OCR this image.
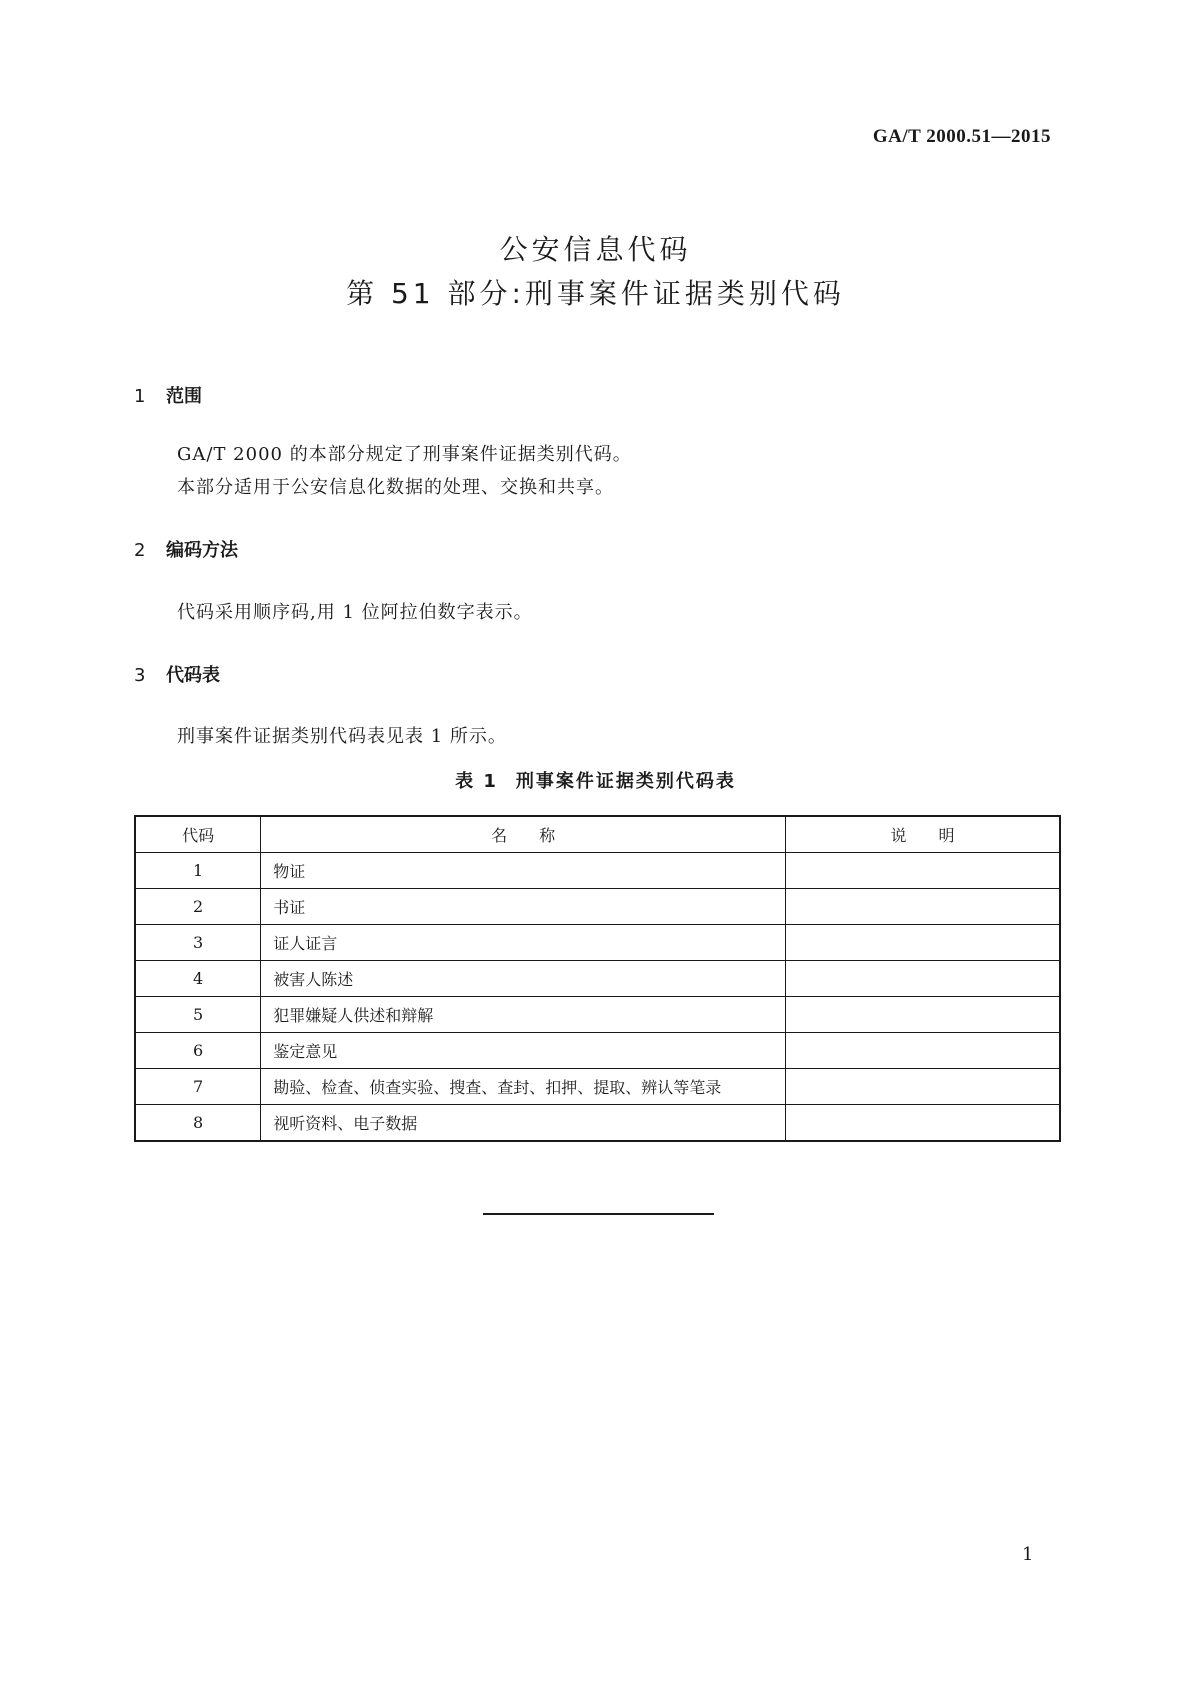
GA/T 2000.51—2015
公安信息代码
第 51 部分:刑事案件证据类别代码
1 范围
GA/T 2000 的本部分规定了刑事案件证据类别代码。
本部分适用于公安信息化数据的处理、交换和共享。
2 编码方法
代码采用顺序码,用 1 位阿拉伯数字表示。
3 代码表
刑事案件证据类别代码表见表 1 所示。
表 1 刑事案件证据类别代码表
代码	名　　称	说　　明
1	物证	
2	书证	
3	证人证言	
4	被害人陈述	
5	犯罪嫌疑人供述和辩解	
6	鉴定意见	
7	勘验、检查、侦查实验、搜查、查封、扣押、提取、辨认等笔录	
8	视听资料、电子数据	
1
